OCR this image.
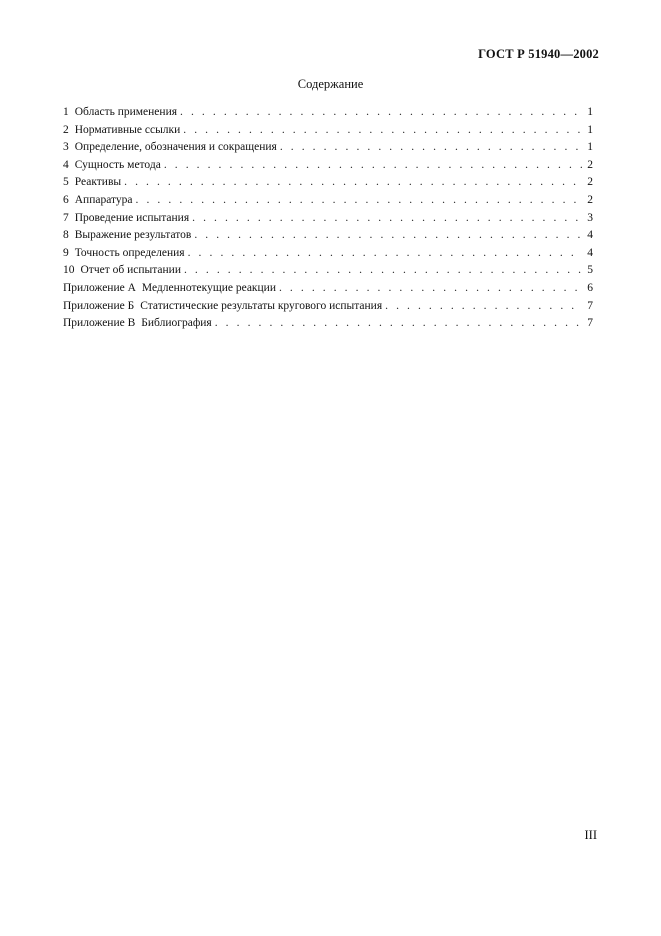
ГОСТ Р 51940—2002
Содержание
1 Область применения . . .	1
2 Нормативные ссылки . . .	1
3 Определение, обозначения и сокращения . . .	1
4 Сущность метода . . .	2
5 Реактивы . . .	2
6 Аппаратура . . .	2
7 Проведение испытания . . .	3
8 Выражение результатов . . .	4
9 Точность определения . . .	4
10 Отчет об испытании . . .	5
Приложение А Медленнотекущие реакции . . .	6
Приложение Б Статистические результаты кругового испытания . . .	7
Приложение В Библиография . . .	7
III
